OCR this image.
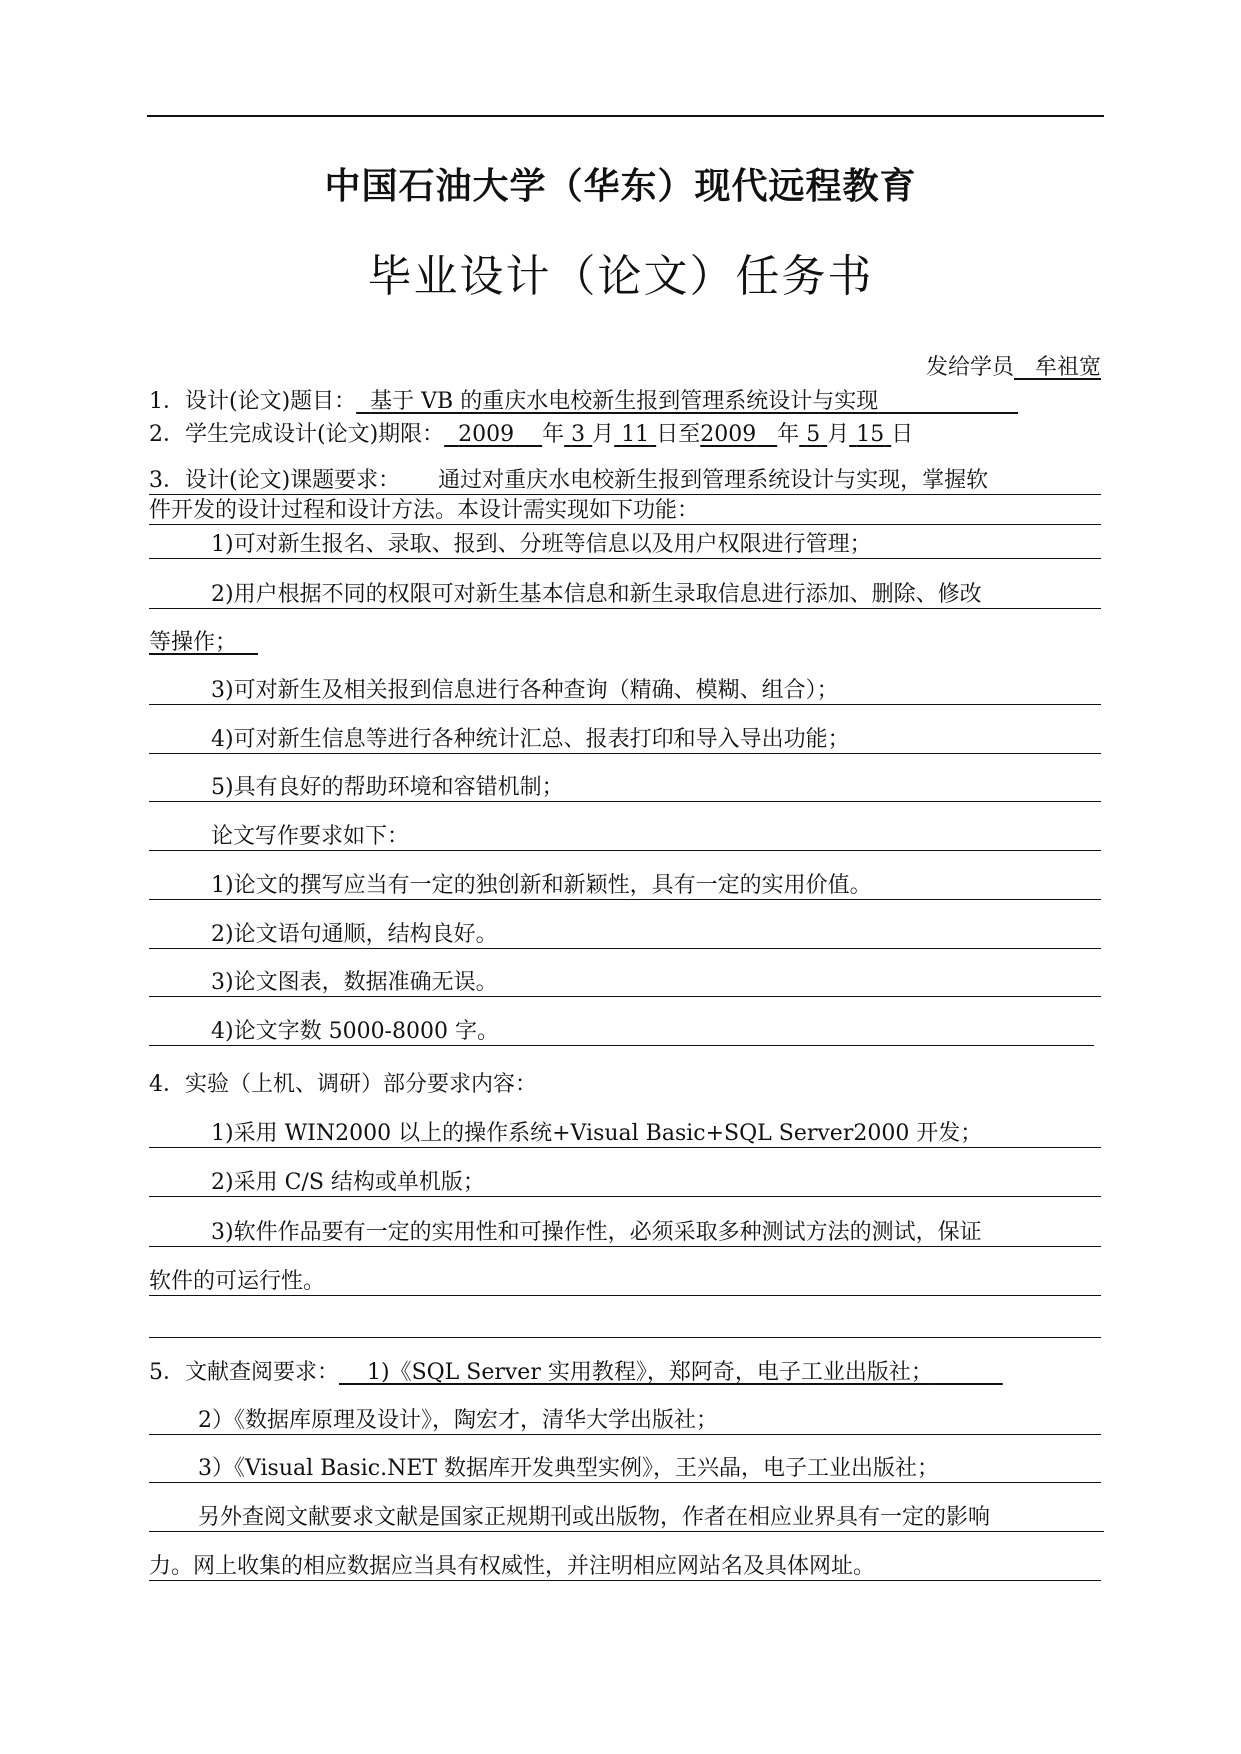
中国石油大学（华东）现代远程教育
毕业设计（论文）任务书
发给学员 牟祖宽
1．设计(论文)题目： 基于 VB 的重庆水电校新生报到管理系统设计与实现
2．学生完成设计(论文)期限： 2009 年 3 月 11 日至2009 年 5 月 15 日
3．设计(论文)课题要求： 通过对重庆水电校新生报到管理系统设计与实现，掌握软
件开发的设计过程和设计方法。本设计需实现如下功能：
1)可对新生报名、录取、报到、分班等信息以及用户权限进行管理；
2)用户根据不同的权限可对新生基本信息和新生录取信息进行添加、删除、修改
等操作；
3)可对新生及相关报到信息进行各种查询（精确、模糊、组合）；
4)可对新生信息等进行各种统计汇总、报表打印和导入导出功能；
5)具有良好的帮助环境和容错机制；
论文写作要求如下：
1)论文的撰写应当有一定的独创新和新颖性，具有一定的实用价值。
2)论文语句通顺，结构良好。
3)论文图表，数据准确无误。
4)论文字数 5000-8000 字。
4．实验（上机、调研）部分要求内容：
1)采用 WIN2000 以上的操作系统+Visual Basic+SQL Server2000 开发；
2)采用 C/S 结构或单机版；
3)软件作品要有一定的实用性和可操作性，必须采取多种测试方法的测试，保证
软件的可运行性。
5．文献查阅要求： 1)《SQL Server 实用教程》，郑阿奇，电子工业出版社；
2）《数据库原理及设计》，陶宏才，清华大学出版社；
3）《Visual Basic.NET 数据库开发典型实例》，王兴晶，电子工业出版社；
另外查阅文献要求文献是国家正规期刊或出版物，作者在相应业界具有一定的影响
力。网上收集的相应数据应当具有权威性，并注明相应网站名及具体网址。
